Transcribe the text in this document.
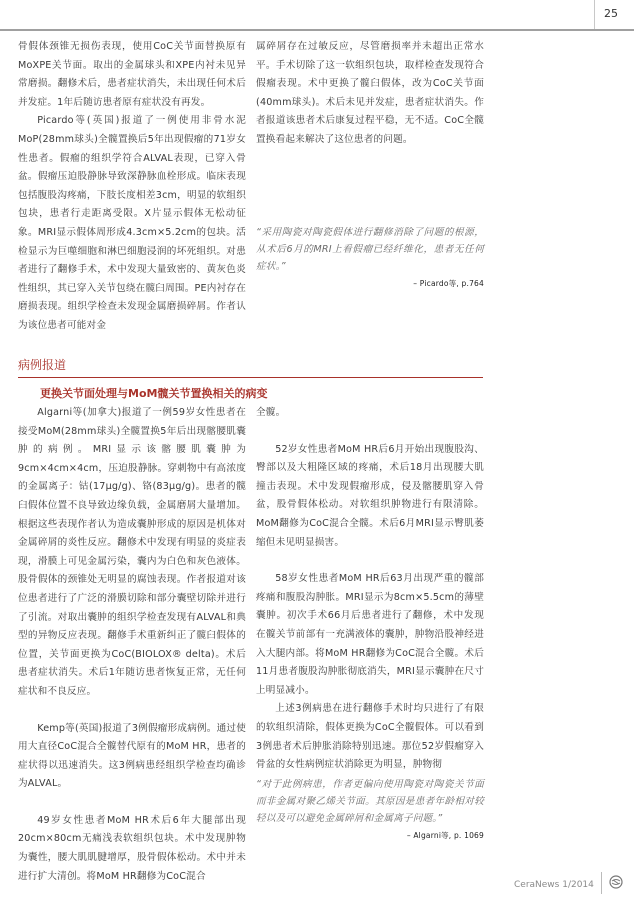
25

骨假体颈锥无损伤表现，使用CoC关节面替换原有MoXPE关节面。取出的金属球头和XPE内衬未见异常磨损。翻修术后，患者症状消失，未出现任何术后并发症。1年后随访患者原有症状没有再发。

Picardo等(英国)报道了一例使用非骨水泥MoP(28mm球头)全髋置换后5年出现假瘤的71岁女性患者。假瘤的组织学符合ALVAL表现，已穿入骨盆。假瘤压迫股静脉导致深静脉血栓形成。临床表现包括腹股沟疼痛，下肢长度相差3cm，明显的软组织包块，患者行走距离受限。X片显示假体无松动征象。MRI显示假体周形成4.3cm×5.2cm的包块。活检显示为巨噬细胞和淋巴细胞浸润的坏死组织。对患者进行了翻修手术，术中发现大量致密的、黄灰色炎性组织，其已穿入关节包绕在髋臼周围。PE内衬存在磨损表现。组织学检查未发现金属磨损碎屑。作者认为该位患者可能对金

属碎屑存在过敏反应，尽管磨损率并未超出正常水平。手术切除了这一软组织包块，取样检查发现符合假瘤表现。术中更换了髋臼假体，改为CoC关节面(40mm球头)。术后未见并发症，患者症状消失。作者报道该患者术后康复过程平稳，无不适。CoC全髋置换看起来解决了这位患者的问题。

“采用陶瓷对陶瓷假体进行翻修消除了问题的根源，从术后6月的MRI上看假瘤已经纤维化，患者无任何症状。”

– Picardo等, p.764

病例报道
更换关节面处理与MoM髋关节置换相关的病变

Algarni等(加拿大)报道了一例59岁女性患者在接受MoM(28mm球头)全髋置换5年后出现髂腰肌囊肿的病例。MRI显示该髂腰肌囊肿为9cm×4cm×4cm，压迫股静脉。穿刺物中有高浓度的金属离子：钴(17μg/g)、铬(83μg/g)。患者的髋臼假体位置不良导致边缘负载，金属磨屑大量增加。根据这些表现作者认为造成囊肿形成的原因是机体对金属碎屑的炎性反应。翻修术中发现有明显的炎症表现，滑膜上可见金属污染，囊内为白色和灰色液体。股骨假体的颈锥处无明显的腐蚀表现。作者报道对该位患者进行了广泛的滑膜切除和部分囊壁切除并进行了引流。对取出囊肿的组织学检查发现有ALVAL和典型的异物反应表现。翻修手术重新纠正了髋臼假体的位置，关节面更换为CoC(BIOLOX® delta)。术后患者症状消失。术后1年随访患者恢复正常，无任何症状和不良反应。

Kemp等(英国)报道了3例假瘤形成病例。通过使用大直径CoC混合全髋替代原有的MoM HR，患者的症状得以迅速消失。这3例病患经组织学检查均确诊为ALVAL。

49岁女性患者MoM HR术后6年大腿部出现20cm×80cm无痛浅表软组织包块。术中发现肿物为囊性，腰大肌肌腱增厚，股骨假体松动。术中并未进行扩大清创。将MoM HR翻修为CoC混合

全髋。

52岁女性患者MoM HR后6月开始出现腹股沟、臀部以及大粗隆区域的疼痛，术后18月出现腰大肌撞击表现。术中发现假瘤形成，侵及髂腰肌穿入骨盆，股骨假体松动。对软组织肿物进行有限清除。MoM翻修为CoC混合全髋。术后6月MRI显示臀肌萎缩但未见明显损害。

58岁女性患者MoM HR后63月出现严重的髋部疼痛和腹股沟肿胀。MRI显示为8cm×5.5cm的薄壁囊肿。初次手术66月后患者进行了翻修，术中发现在髋关节前部有一充满液体的囊肿，肿物沿股神经进入大腿内部。将MoM HR翻修为CoC混合全髋。术后11月患者腹股沟肿胀彻底消失，MRI显示囊肿在尺寸上明显减小。

上述3例病患在进行翻修手术时均只进行了有限的软组织清除，假体更换为CoC全髋假体。可以看到3例患者术后肿胀消除特别迅速。那位52岁假瘤穿入骨盆的女性病例症状消除更为明显，肿物彻

“对于此例病患，作者更偏向使用陶瓷对陶瓷关节面而非金属对聚乙烯关节面。其原因是患者年龄相对较轻以及可以避免金属碎屑和金属离子问题。”

– Algarni等, p. 1069

CeraNews 1/2014
